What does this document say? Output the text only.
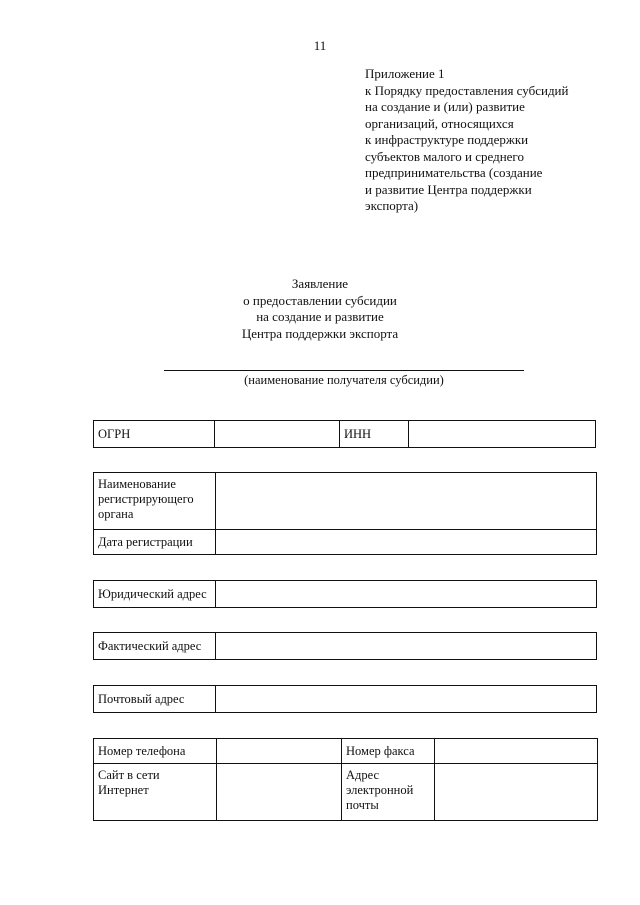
11
Приложение 1
к Порядку предоставления субсидий
на создание и (или) развитие
организаций, относящихся
к инфраструктуре поддержки
субъектов малого и среднего
предпринимательства (создание
и развитие Центра поддержки
экспорта)
Заявление
о предоставлении субсидии
на создание и развитие
Центра поддержки экспорта
(наименование получателя субсидии)
ОГРН		ИНН	
Наименование регистрирующего органа	
Дата регистрации	
Юридический адрес	
Фактический адрес	
Почтовый адрес	
Номер телефона		Номер факса	
Сайт в сети Интернет		Адрес электронной почты	
